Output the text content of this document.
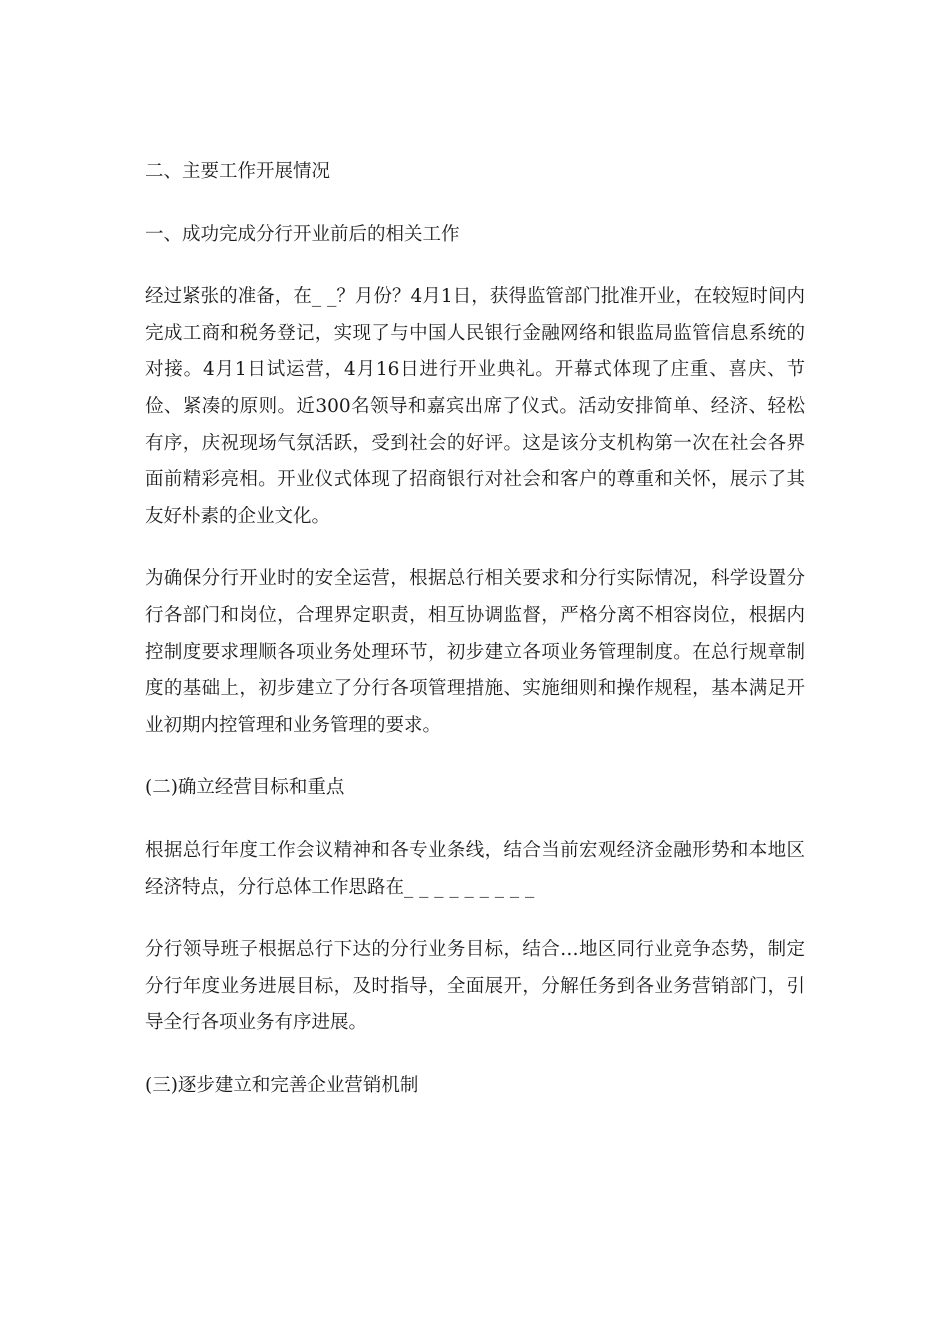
二、主要工作开展情况

一、成功完成分行开业前后的相关工作

经过紧张的准备，在_ _？月份？4月1日，获得监管部门批准开业，在较短时间内完成工商和税务登记，实现了与中国人民银行金融网络和银监局监管信息系统的对接。4月1日试运营，4月16日进行开业典礼。开幕式体现了庄重、喜庆、节俭、紧凑的原则。近300名领导和嘉宾出席了仪式。活动安排简单、经济、轻松有序，庆祝现场气氛活跃，受到社会的好评。这是该分支机构第一次在社会各界面前精彩亮相。开业仪式体现了招商银行对社会和客户的尊重和关怀，展示了其友好朴素的企业文化。

为确保分行开业时的安全运营，根据总行相关要求和分行实际情况，科学设置分行各部门和岗位，合理界定职责，相互协调监督，严格分离不相容岗位，根据内控制度要求理顺各项业务处理环节，初步建立各项业务管理制度。在总行规章制度的基础上，初步建立了分行各项管理措施、实施细则和操作规程，基本满足开业初期内控管理和业务管理的要求。

(二)确立经营目标和重点

根据总行年度工作会议精神和各专业条线，结合当前宏观经济金融形势和本地区经济特点，分行总体工作思路在_ _ _ _ _ _ _ _ _

分行领导班子根据总行下达的分行业务目标，结合…地区同行业竞争态势，制定分行年度业务进展目标，及时指导，全面展开，分解任务到各业务营销部门，引导全行各项业务有序进展。

(三)逐步建立和完善企业营销机制
